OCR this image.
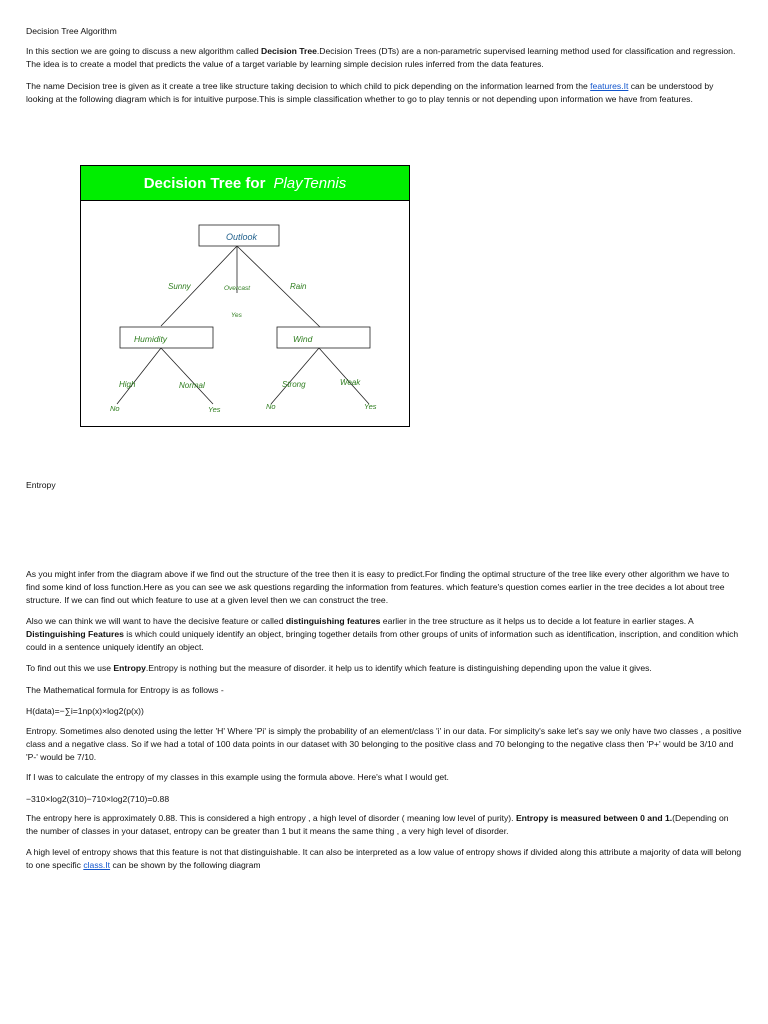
Decision Tree Algorithm

In this section we are going to discuss a new algorithm called Decision Tree.Decision Trees (DTs) are a non-parametric supervised learning method used for classification and regression. The idea is to create a model that predicts the value of a target variable by learning simple decision rules inferred from the data features.

The name Decision tree is given as it create a tree like structure taking decision to which child to pick depending on the information learned from the features.It can be understood by looking at the following diagram which is for intuitive purpose.This is simple classification whether to go to play tennis or not depending upon information we have from features.

Decision Tree for PlayTennis
Outlook
Sunny	Overcast	Rain
Yes
Humidity	Wind
High	Normal	Strong	Weak
No	Yes	No	Yes

Entropy

As you might infer from the diagram above if we find out the structure of the tree then it is easy to predict.For finding the optimal structure of the tree like every other algorithm we have to find some kind of loss function.Here as you can see we ask questions regarding the information from features. which feature's question comes earlier in the tree decides a lot about tree structure. If we can find out which feature to use at a given level then we can construct the tree.

Also we can think we will want to have the decisive feature or called distinguishing features earlier in the tree structure as it helps us to decide a lot feature in earlier stages. A Distinguishing Features is which could uniquely identify an object, bringing together details from other groups of units of information such as identification, inscription, and condition which could in a sentence uniquely identify an object.

To find out this we use Entropy.Entropy is nothing but the measure of disorder. it help us to identify which feature is distinguishing depending upon the value it gives.

The Mathematical formula for Entropy is as follows -

H(data)=−∑i=1np(x)×log2(p(x))

Entropy. Sometimes also denoted using the letter 'H' Where 'Pi' is simply the probability of an element/class 'i' in our data. For simplicity's sake let's say we only have two classes , a positive class and a negative class. So if we had a total of 100 data points in our dataset with 30 belonging to the positive class and 70 belonging to the negative class then 'P+' would be 3/10 and 'P-' would be 7/10.

If I was to calculate the entropy of my classes in this example using the formula above. Here's what I would get.

−310×log2(310)−710×log2(710)=0.88

The entropy here is approximately 0.88. This is considered a high entropy , a high level of disorder ( meaning low level of purity). Entropy is measured between 0 and 1.(Depending on the number of classes in your dataset, entropy can be greater than 1 but it means the same thing , a very high level of disorder.

A high level of entropy shows that this feature is not that distinguishable. It can also be interpreted as a low value of entropy shows if divided along this attribute a majority of data will belong to one specific class.It can be shown by the following diagram
